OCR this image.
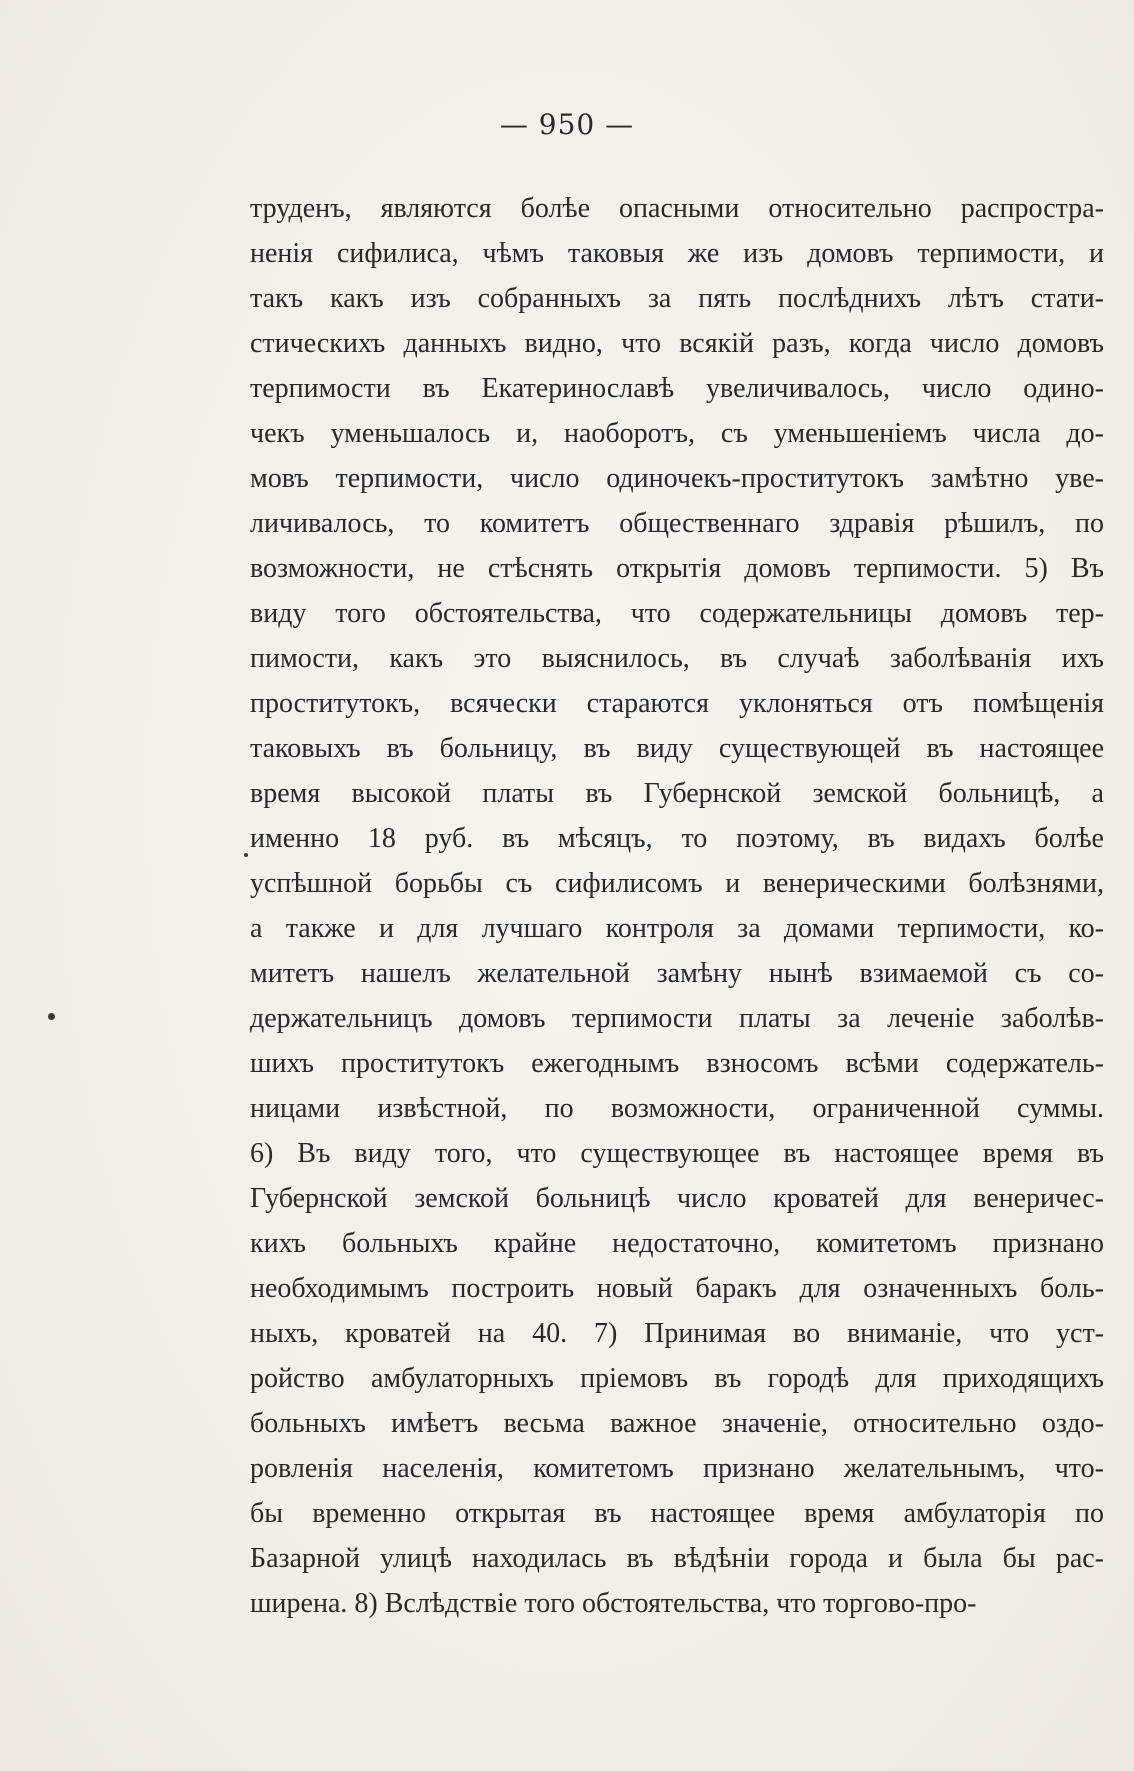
— 950 —
труденъ, являются болѣе опасными относительно распростра-
ненія сифилиса, чѣмъ таковыя же изъ домовъ терпимости, и
такъ какъ изъ собранныхъ за пять послѣднихъ лѣтъ стати-
стическихъ данныхъ видно, что всякій разъ, когда число домовъ
терпимости въ Екатеринославѣ увеличивалось, число одино-
чекъ уменьшалось и, наоборотъ, съ уменьшеніемъ числа до-
мовъ терпимости, число одиночекъ-проститутокъ замѣтно уве-
личивалось, то комитетъ общественнаго здравія рѣшилъ, по
возможности, не стѣснять открытія домовъ терпимости. 5) Въ
виду того обстоятельства, что содержательницы домовъ тер-
пимости, какъ это выяснилось, въ случаѣ заболѣванія ихъ
проститутокъ, всячески стараются уклоняться отъ помѣщенія
таковыхъ въ больницу, въ виду существующей въ настоящее
время высокой платы въ Губернской земской больницѣ, а
именно 18 руб. въ мѣсяцъ, то поэтому, въ видахъ болѣе
успѣшной борьбы съ сифилисомъ и венерическими болѣзнями,
а также и для лучшаго контроля за домами терпимости, ко-
митетъ нашелъ желательной замѣну нынѣ взимаемой съ со-
держательницъ домовъ терпимости платы за леченіе заболѣв-
шихъ проститутокъ ежегоднымъ взносомъ всѣми содержатель-
ницами извѣстной, по возможности, ограниченной суммы.
6) Въ виду того, что существующее въ настоящее время въ
Губернской земской больницѣ число кроватей для венеричес-
кихъ больныхъ крайне недостаточно, комитетомъ признано
необходимымъ построить новый баракъ для означенныхъ боль-
ныхъ, кроватей на 40. 7) Принимая во вниманіе, что уст-
ройство амбулаторныхъ пріемовъ въ городѣ для приходящихъ
больныхъ имѣетъ весьма важное значеніе, относительно оздо-
ровленія населенія, комитетомъ признано желательнымъ, что-
бы временно открытая въ настоящее время амбулаторія по
Базарной улицѣ находилась въ вѣдѣніи города и была бы рас-
ширена. 8) Вслѣдствіе того обстоятельства, что торгово-про-
